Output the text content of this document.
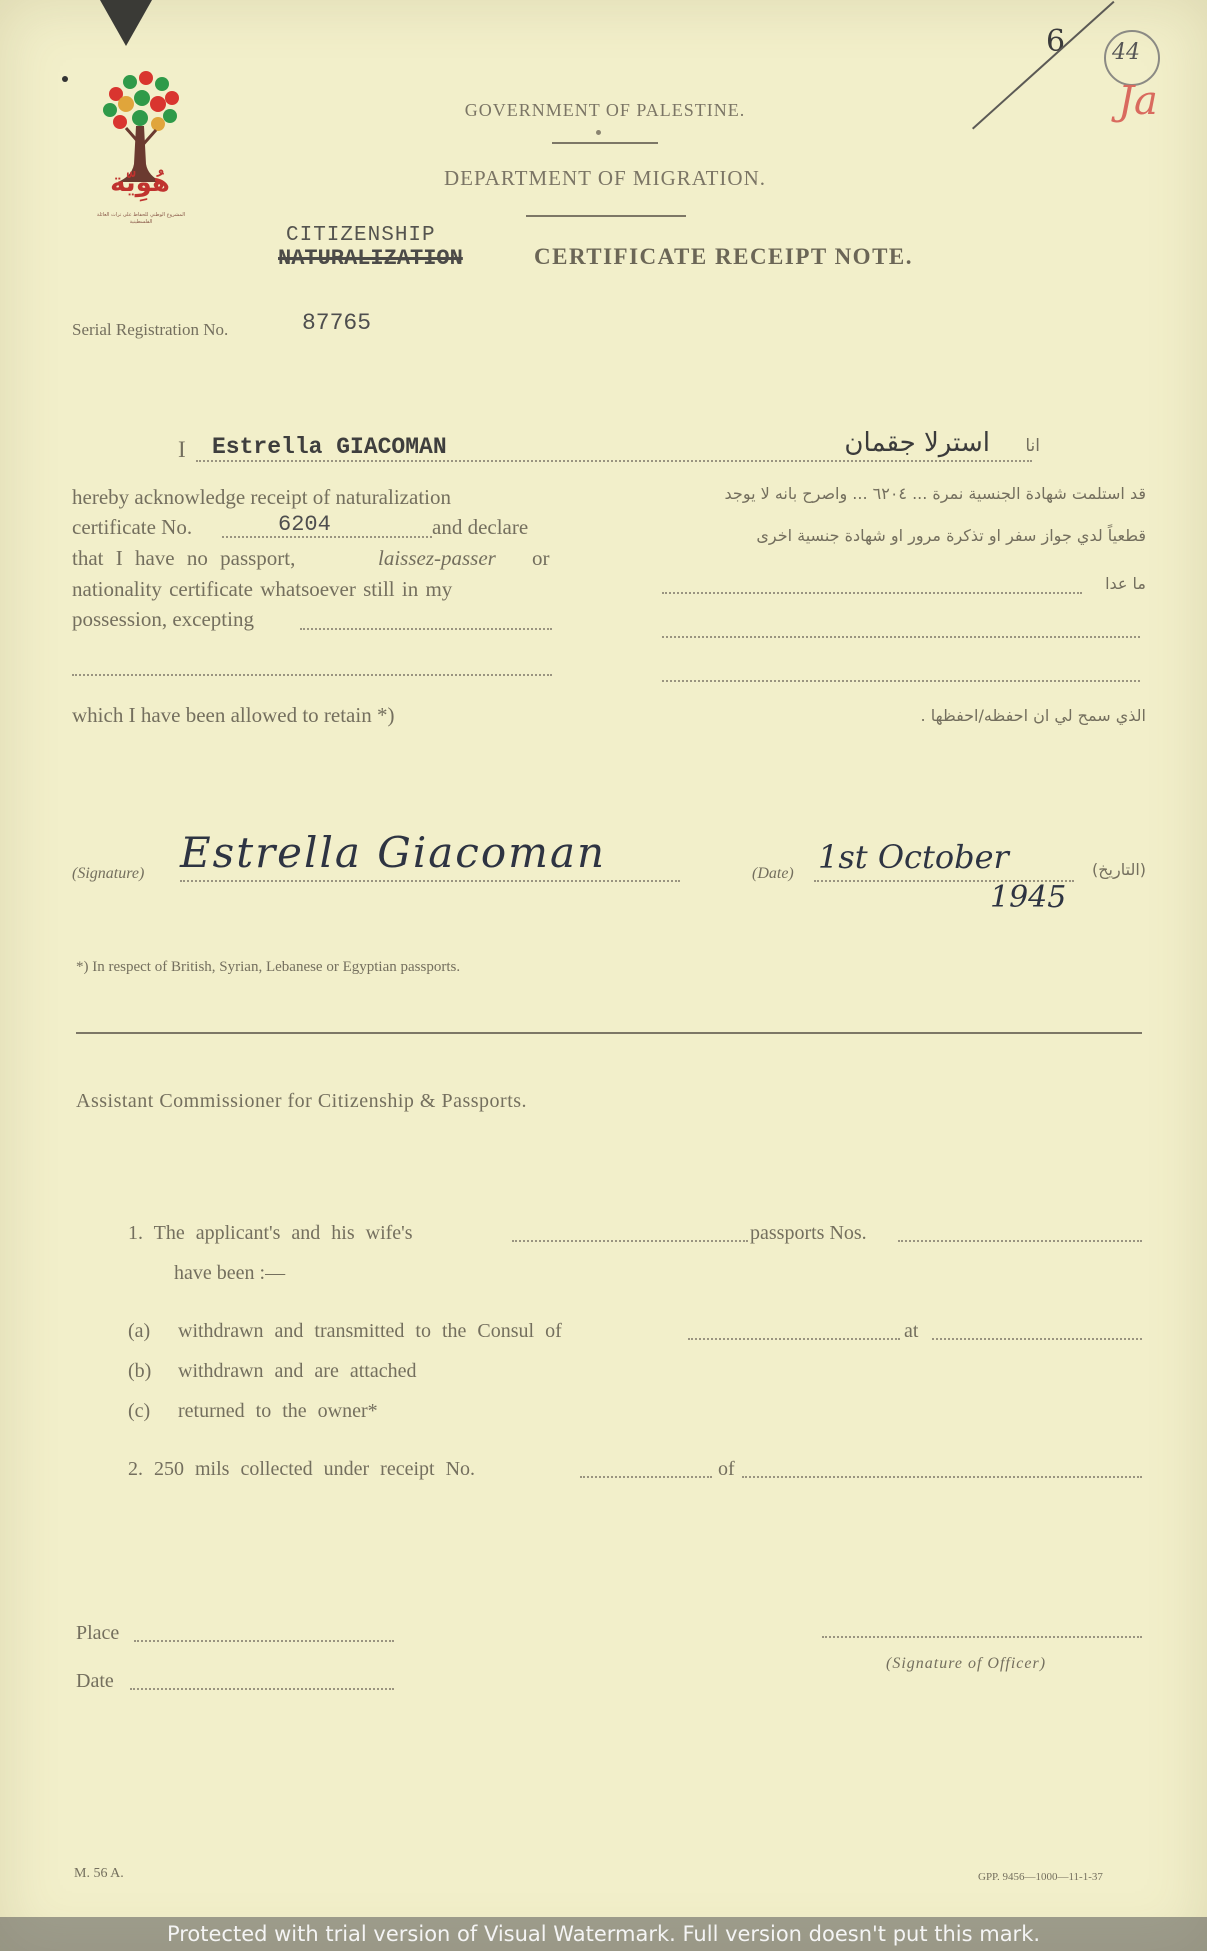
هُوِيّة
المشروع الوطني للحفاظ على تراث العائلة الفلسطينية
GOVERNMENT OF PALESTINE.
DEPARTMENT OF MIGRATION.
CITIZENSHIP
NATURALIZATION	CERTIFICATE RECEIPT NOTE.
6 44
Ja
Serial Registration No.	87765
I Estrella GIACOMAN	استرلا جقمان	انا
hereby acknowledge receipt of naturalization
certificate No.	6204	and declare
that I have no passport,	laissez-passer or
nationality certificate whatsoever still in my
possession, excepting
which I have been allowed to retain *)
قد استلمت شهادة الجنسية نمرة ... ٦٢٠٤ ... واصرح بانه لا يوجد
قطعياً لدي جواز سفر او تذكرة مرور او شهادة جنسية اخرى
ما عدا
الذي سمح لي ان احفظه/احفظها .
(Signature) Estrella Giacoman	(Date) 1st October
1945
(التاريخ)
*) In respect of British, Syrian, Lebanese or Egyptian passports.
Assistant Commissioner for Citizenship & Passports.
1. The applicant's and his wife's	passports Nos.
have been :—
(a) withdrawn and transmitted to the Consul of	at
(b) withdrawn and are attached
(c) returned to the owner*
2. 250 mils collected under receipt No.	of
Place
Date
(Signature of Officer)
M. 56 A.	GPP. 9456—1000—11-1-37
Protected with trial version of Visual Watermark. Full version doesn't put this mark.
